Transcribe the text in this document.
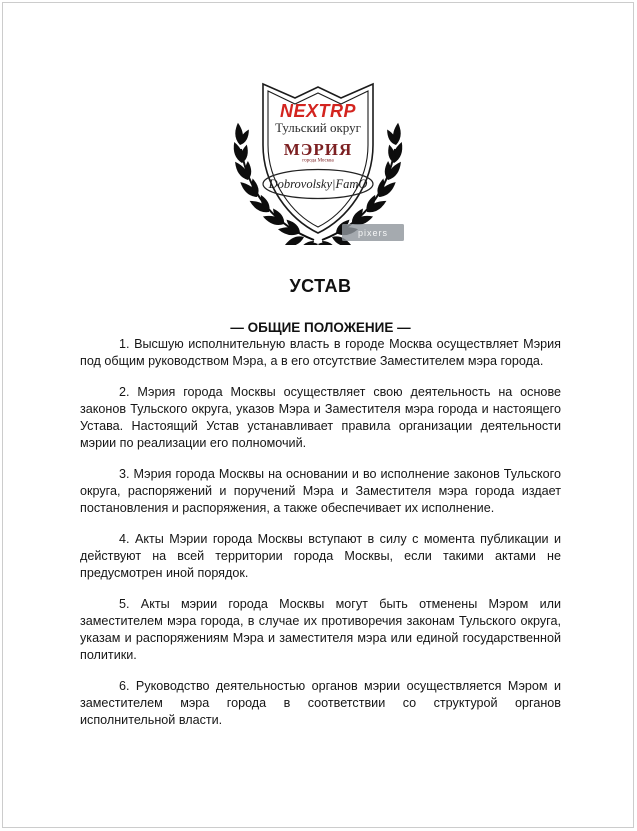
NEXTRP
Тульский округ
МЭРИЯ
города Москва
Dobrovolsky|FamO
pixers
УСТАВ
— ОБЩИЕ ПОЛОЖЕНИЕ —

1. Высшую исполнительную власть в городе Москва осуществляет Мэрия под общим руководством Мэра, а в его отсутствие Заместителем мэра города.

2. Мэрия города Москвы осуществляет свою деятельность на основе законов Тульского округа, указов Мэра и Заместителя мэра города и настоящего Устава. Настоящий Устав устанавливает правила организации деятельности мэрии по реализации его полномочий.

3. Мэрия города Москвы на основании и во исполнение законов Тульского округа, распоряжений и поручений Мэра и Заместителя мэра города издает постановления и распоряжения, а также обеспечивает их исполнение.

4. Акты Мэрии города Москвы вступают в силу с момента публикации и действуют на всей территории города Москвы, если такими актами не предусмотрен иной порядок.

5. Акты мэрии города Москвы могут быть отменены Мэром или заместителем мэра города, в случае их противоречия законам Тульского округа, указам и распоряжениям Мэра и заместителя мэра или единой государственной политики.

6. Руководство деятельностью органов мэрии осуществляется Мэром и заместителем мэра города в соответствии со структурой органов исполнительной власти.
